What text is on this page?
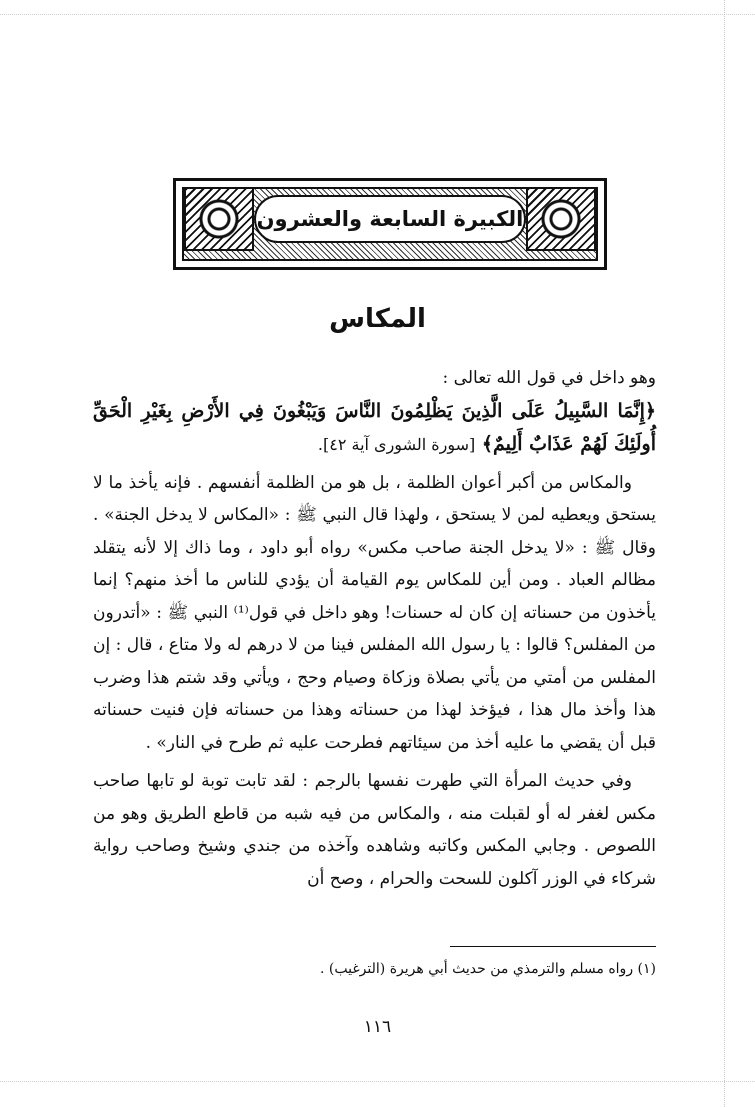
الكبيرة السابعة والعشرون
المكاس

وهو داخل في قول الله تعالى :

﴿إِنَّمَا السَّبِيلُ عَلَى الَّذِينَ يَظْلِمُونَ النَّاسَ وَيَبْغُونَ فِي الأَرْضِ بِغَيْرِ الْحَقِّ أُولَئِكَ لَهُمْ عَذَابٌ أَلِيمٌ﴾ [سورة الشورى آية ٤٢].

والمكاس من أكبر أعوان الظلمة ، بل هو من الظلمة أنفسهم . فإنه يأخذ ما لا يستحق ويعطيه لمن لا يستحق ، ولهذا قال النبي ﷺ : «المكاس لا يدخل الجنة» . وقال ﷺ : «لا يدخل الجنة صاحب مكس» رواه أبو داود ، وما ذاك إلا لأنه يتقلد مظالم العباد . ومن أين للمكاس يوم القيامة أن يؤدي للناس ما أخذ منهم؟ إنما يأخذون من حسناته إن كان له حسنات! وهو داخل في قول⁽¹⁾ النبي ﷺ : «أتدرون من المفلس؟ قالوا : يا رسول الله المفلس فينا من لا درهم له ولا متاع ، قال : إن المفلس من أمتي من يأتي بصلاة وزكاة وصيام وحج ، ويأتي وقد شتم هذا وضرب هذا وأخذ مال هذا ، فيؤخذ لهذا من حسناته وهذا من حسناته فإن فنيت حسناته قبل أن يقضي ما عليه أخذ من سيئاتهم فطرحت عليه ثم طرح في النار» .

وفي حديث المرأة التي طهرت نفسها بالرجم : لقد تابت توبة لو تابها صاحب مكس لغفر له أو لقبلت منه ، والمكاس من فيه شبه من قاطع الطريق وهو من اللصوص . وجابي المكس وكاتبه وشاهده وآخذه من جندي وشيخ وصاحب رواية شركاء في الوزر آكلون للسحت والحرام ، وصح أن

(١) رواه مسلم والترمذي من حديث أبي هريرة (الترغيب) .
١١٦
